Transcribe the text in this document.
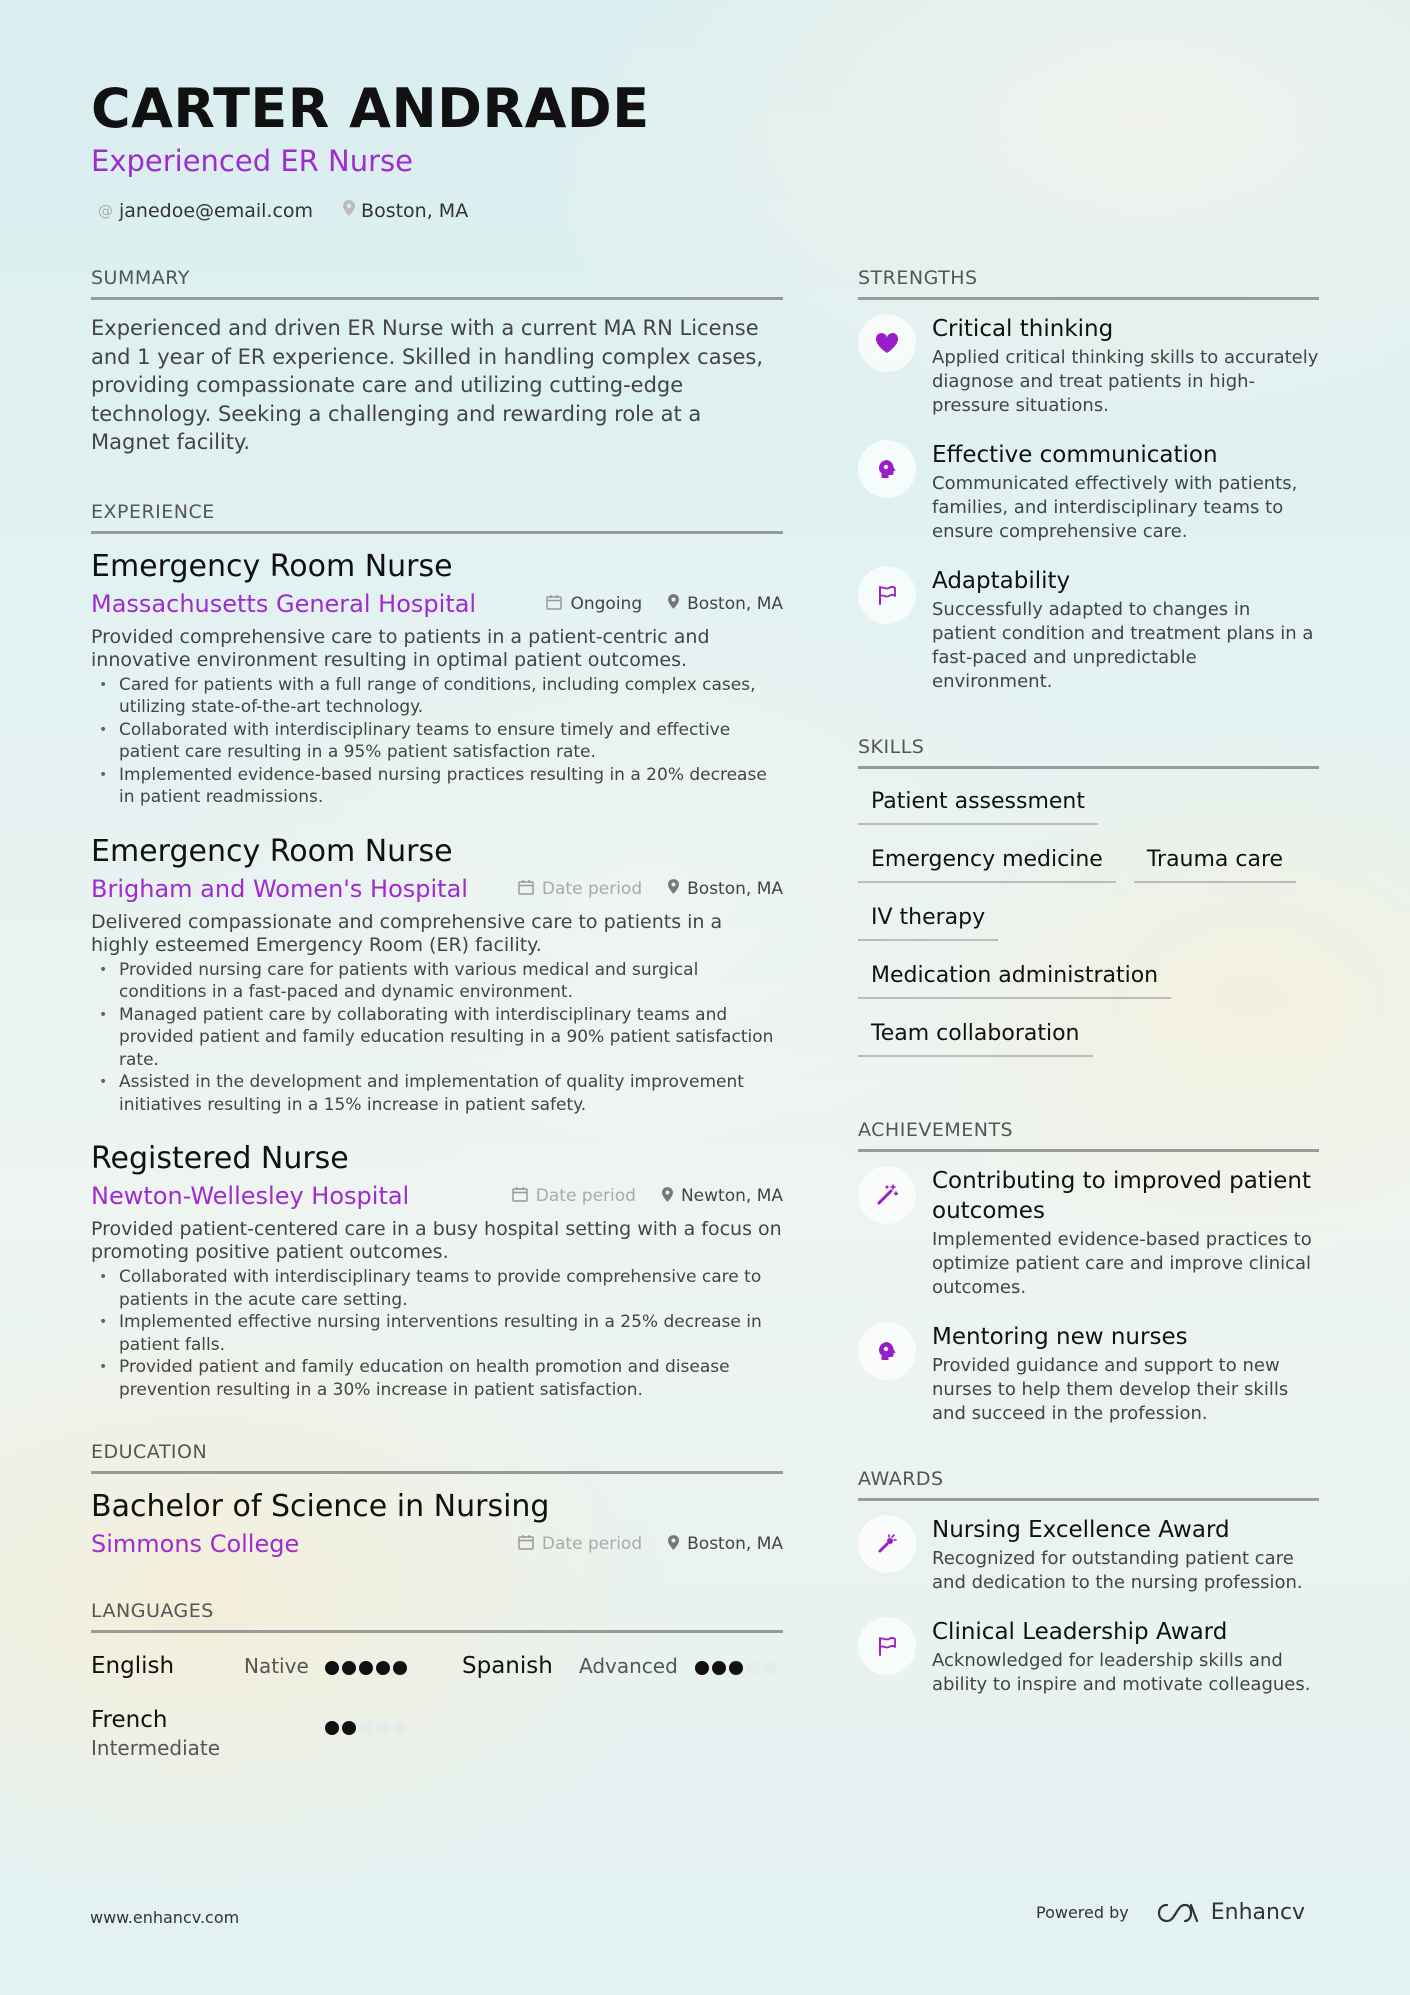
CARTER ANDRADE
Experienced ER Nurse
@ janedoe@email.com	Boston, MA
SUMMARY

Experienced and driven ER Nurse with a current MA RN License and 1 year of ER experience. Skilled in handling complex cases, providing compassionate care and utilizing cutting-edge technology. Seeking a challenging and rewarding role at a Magnet facility.

EXPERIENCE
Emergency Room Nurse
Massachusetts General Hospital	Ongoing	Boston, MA
Provided comprehensive care to patients in a patient-centric and innovative environment resulting in optimal patient outcomes.
• Cared for patients with a full range of conditions, including complex cases, utilizing state-of-the-art technology.
• Collaborated with interdisciplinary teams to ensure timely and effective patient care resulting in a 95% patient satisfaction rate.
• Implemented evidence-based nursing practices resulting in a 20% decrease in patient readmissions.
Emergency Room Nurse
Brigham and Women's Hospital	Date period	Boston, MA
Delivered compassionate and comprehensive care to patients in a highly esteemed Emergency Room (ER) facility.
• Provided nursing care for patients with various medical and surgical conditions in a fast-paced and dynamic environment.
• Managed patient care by collaborating with interdisciplinary teams and provided patient and family education resulting in a 90% patient satisfaction rate.
• Assisted in the development and implementation of quality improvement initiatives resulting in a 15% increase in patient safety.
Registered Nurse
Newton-Wellesley Hospital	Date period	Newton, MA
Provided patient-centered care in a busy hospital setting with a focus on promoting positive patient outcomes.
• Collaborated with interdisciplinary teams to provide comprehensive care to patients in the acute care setting.
• Implemented effective nursing interventions resulting in a 25% decrease in patient falls.
• Provided patient and family education on health promotion and disease prevention resulting in a 30% increase in patient satisfaction.
EDUCATION
Bachelor of Science in Nursing
Simmons College	Date period	Boston, MA
LANGUAGES
English	Native	Spanish Advanced
French
Intermediate
STRENGTHS
Critical thinking
Applied critical thinking skills to accurately diagnose and treat patients in high-pressure situations.
Effective communication
Communicated effectively with patients, families, and interdisciplinary teams to ensure comprehensive care.
Adaptability
Successfully adapted to changes in patient condition and treatment plans in a fast-paced and unpredictable environment.
SKILLS
Patient assessment
Emergency medicine	Trauma care
IV therapy
Medication administration
Team collaboration
ACHIEVEMENTS
Contributing to improved patient outcomes
Implemented evidence-based practices to optimize patient care and improve clinical outcomes.
Mentoring new nurses
Provided guidance and support to new nurses to help them develop their skills and succeed in the profession.
AWARDS
Nursing Excellence Award
Recognized for outstanding patient care and dedication to the nursing profession.
Clinical Leadership Award
Acknowledged for leadership skills and ability to inspire and motivate colleagues.
www.enhancv.com	Powered by	Enhancv
